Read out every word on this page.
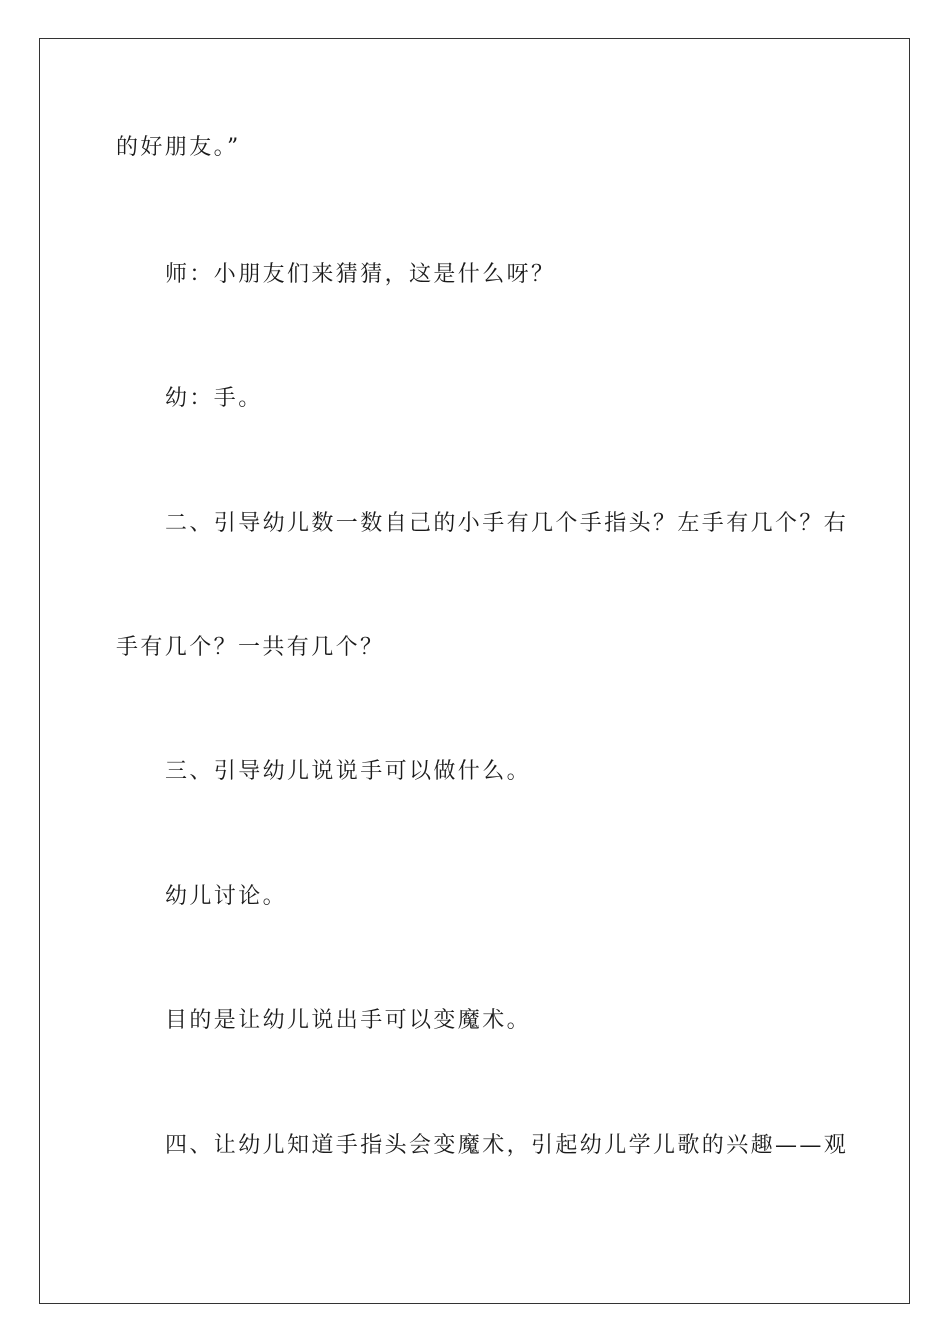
的好朋友。”

师：小朋友们来猜猜，这是什么呀？

幼：手。

二、引导幼儿数一数自己的小手有几个手指头？左手有几个？右

手有几个？一共有几个？

三、引导幼儿说说手可以做什么。

幼儿讨论。

目的是让幼儿说出手可以变魔术。

四、让幼儿知道手指头会变魔术，引起幼儿学儿歌的兴趣——观
